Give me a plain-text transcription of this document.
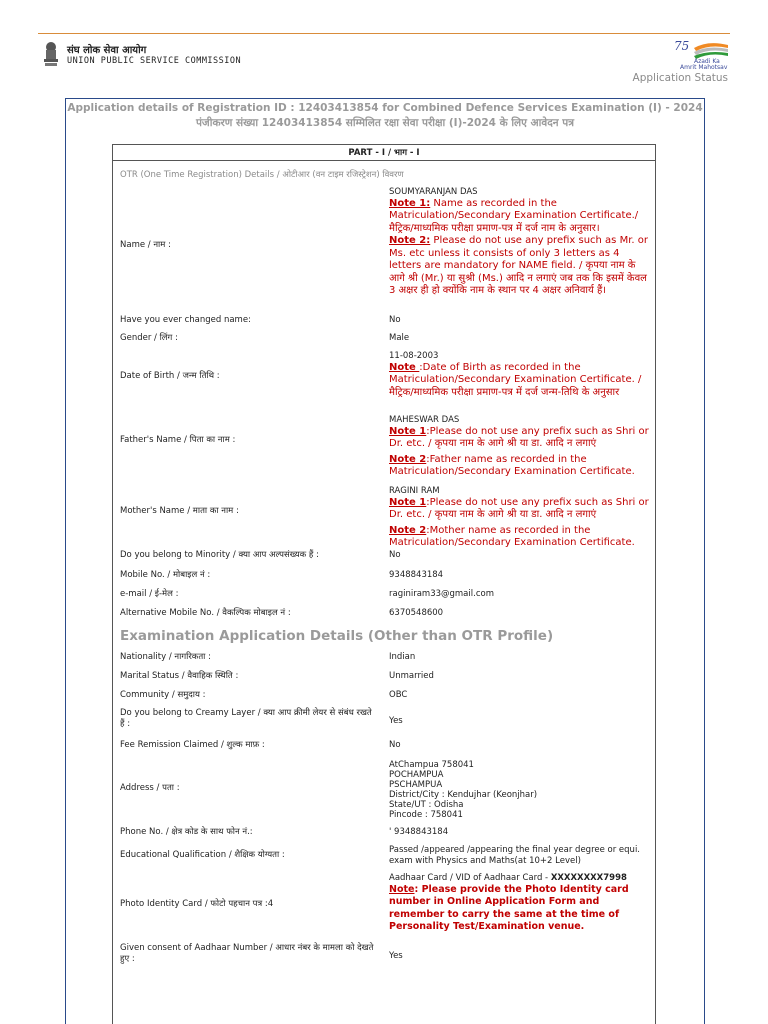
संघ लोक सेवा आयोग
UNION PUBLIC SERVICE COMMISSION
75
Azadi Ka
Amrit Mahotsav
Application Status
Application details of Registration ID : 12403413854 for Combined Defence Services Examination (I) - 2024
पंजीकरण संख्या 12403413854 सम्मिलित रक्षा सेवा परीक्षा (I)-2024 के लिए आवेदन पत्र
PART - I / भाग - I
OTR (One Time Registration) Details / ओटीआर (वन टाइम रजिस्ट्रेशन) विवरण
Name / नाम :
SOUMYARANJAN DAS
Note 1: Name as recorded in the Matriculation/Secondary Examination Certificate./ मैट्रिक/माध्यमिक परीक्षा प्रमाण-पत्र में दर्ज नाम के अनुसार।
Note 2: Please do not use any prefix such as Mr. or Ms. etc unless it consists of only 3 letters as 4 letters are mandatory for NAME field. / कृपया नाम के आगे श्री (Mr.) या सुश्री (Ms.) आदि न लगाएं जब तक कि इसमें केवल 3 अक्षर ही हो क्योंकि नाम के स्थान पर 4 अक्षर अनिवार्य हैं।
Have you ever changed name:	No
Gender / लिंग :	Male
Date of Birth / जन्म तिथि :
11-08-2003
Note :Date of Birth as recorded in the Matriculation/Secondary Examination Certificate. / मैट्रिक/माध्यमिक परीक्षा प्रमाण-पत्र में दर्ज जन्म-तिथि के अनुसार
Father's Name / पिता का नाम :
MAHESWAR DAS
Note 1:Please do not use any prefix such as Shri or Dr. etc. / कृपया नाम के आगे श्री या डा. आदि न लगाएं
Note 2:Father name as recorded in the Matriculation/Secondary Examination Certificate.
Mother's Name / माता का नाम :
RAGINI RAM
Note 1:Please do not use any prefix such as Shri or Dr. etc. / कृपया नाम के आगे श्री या डा. आदि न लगाएं
Note 2:Mother name as recorded in the Matriculation/Secondary Examination Certificate.
Do you belong to Minority / क्या आप अल्पसंख्यक हैं :	No
Mobile No. / मोबाइल नं :	9348843184
e-mail / ई-मेल :	raginiram33@gmail.com
Alternative Mobile No. / वैकल्पिक मोबाइल नं :	6370548600
Examination Application Details (Other than OTR Profile)
Nationality / नागरिकता :	Indian
Marital Status / वैवाहिक स्थिति :	Unmarried
Community / समुदाय :	OBC
Do you belong to Creamy Layer / क्या आप क्रीमी लेयर से संबंध रखते हैं :	Yes
Fee Remission Claimed / शुल्क माफ़ :	No
Address / पता :
AtChampua 758041
POCHAMPUA
PSCHAMPUA
District/City : Kendujhar (Keonjhar)
State/UT : Odisha
Pincode : 758041
Phone No. / क्षेत्र कोड के साथ फोन नं.:	' 9348843184
Educational Qualification / शैक्षिक योग्यता :	Passed /appeared /appearing the final year degree or equi. exam with Physics and Maths(at 10+2 Level)
Photo Identity Card / फोटो पहचान पत्र :4
Aadhaar Card / VID of Aadhaar Card - XXXXXXXX7998
Note: Please provide the Photo Identity card number in Online Application Form and remember to carry the same at the time of Personality Test/Examination venue.
Given consent of Aadhaar Number / आधार नंबर के मामला को देखते हुए :	Yes
